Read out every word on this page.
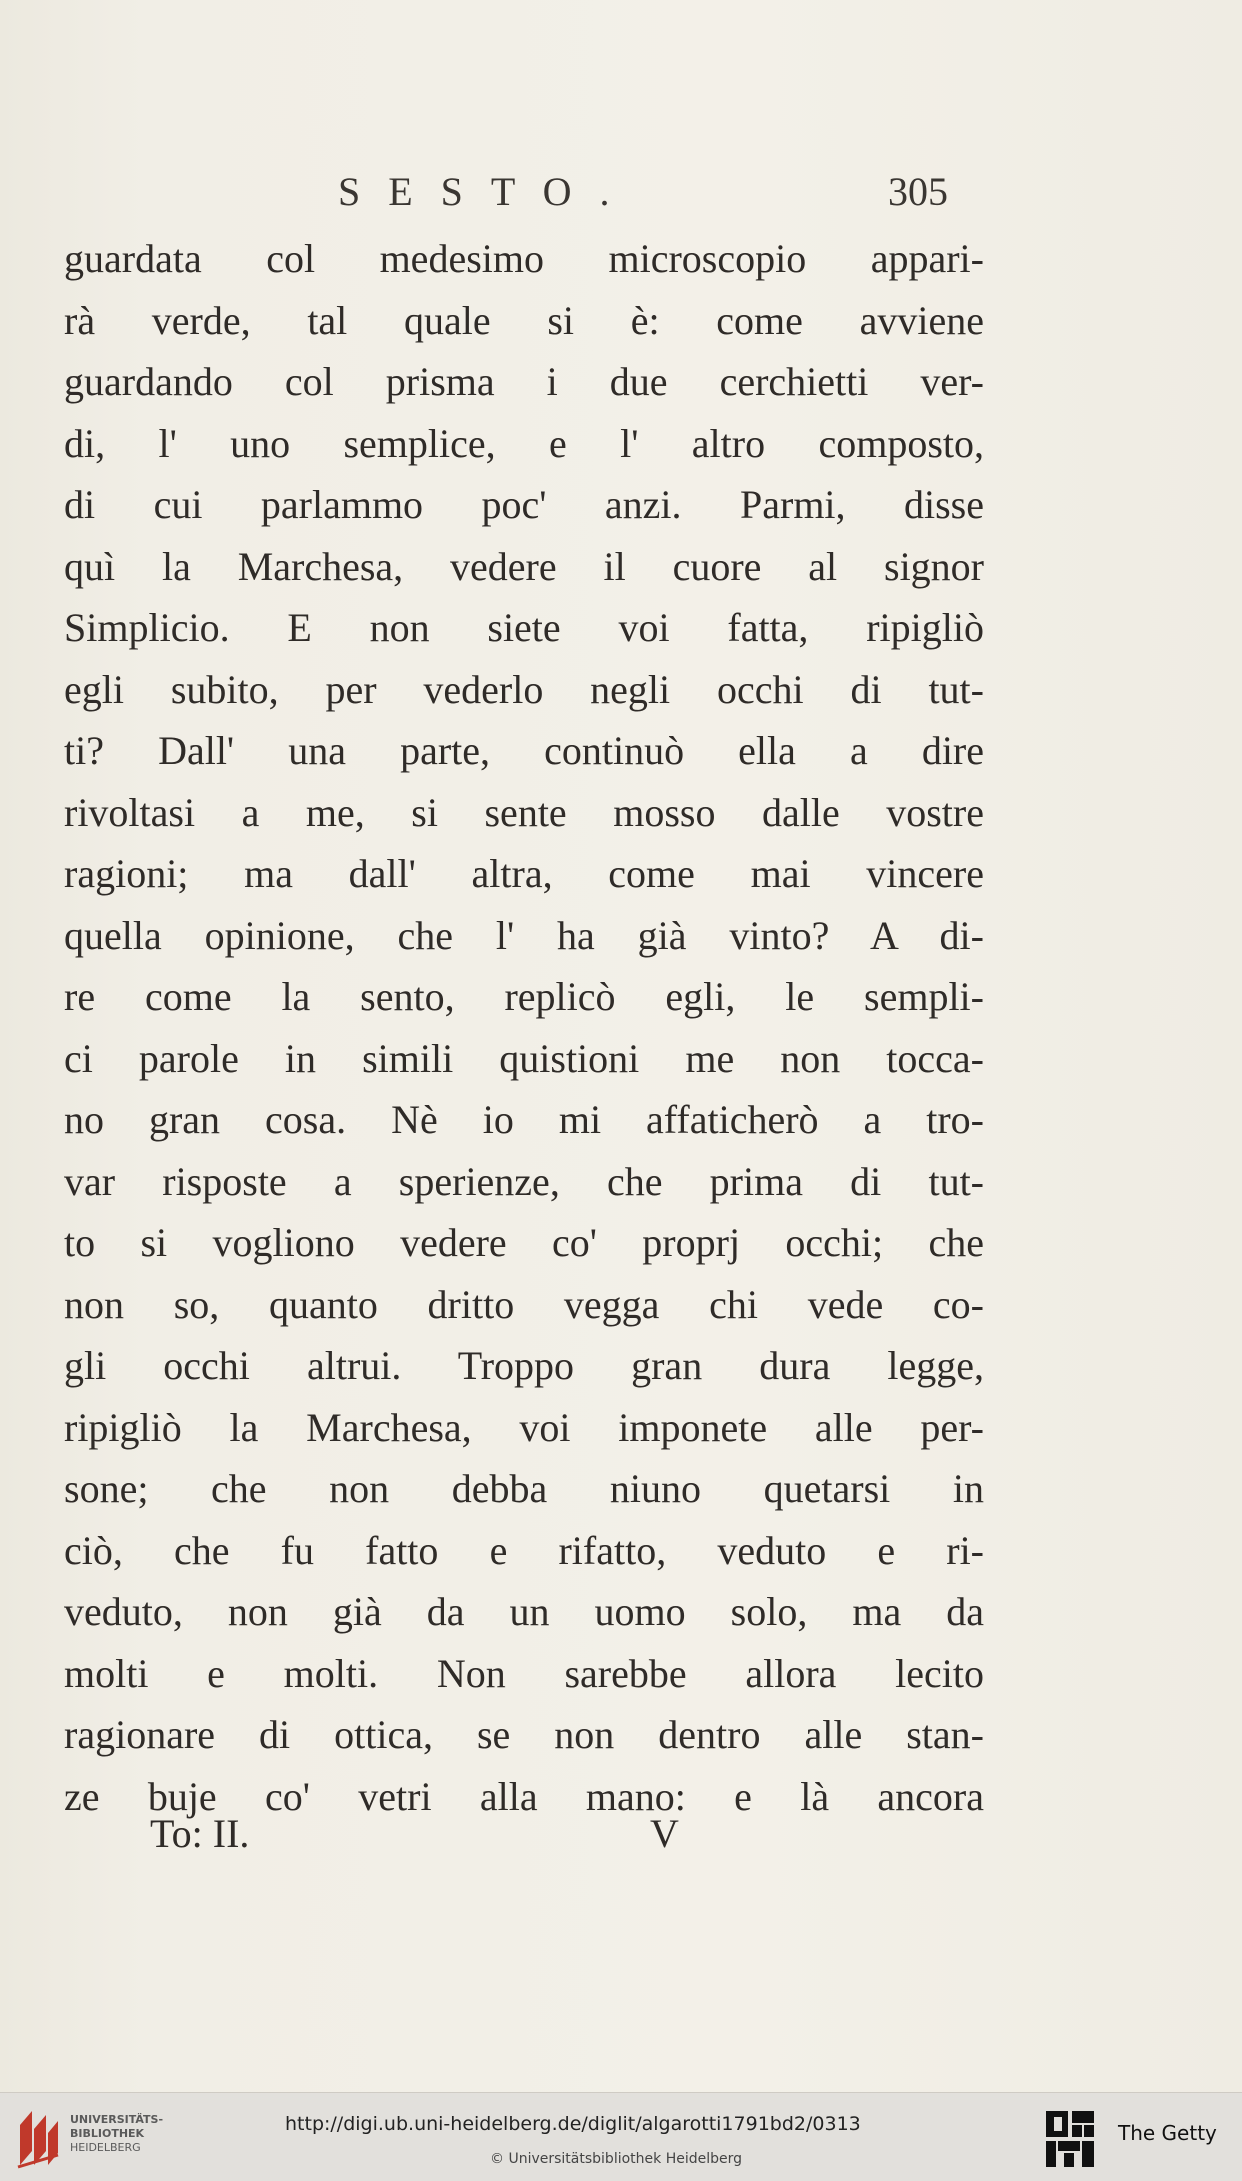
SESTO.	305
guardata col medesimo microscopio appari-
rà verde, tal quale si è: come avviene
guardando col prisma i due cerchietti ver-
di, l' uno semplice, e l' altro composto,
di cui parlammo poc' anzi. Parmi, disse
quì la Marchesa, vedere il cuore al signor
Simplicio. E non siete voi fatta, ripigliò
egli subito, per vederlo negli occhi di tut-
ti? Dall' una parte, continuò ella a dire
rivoltasi a me, si sente mosso dalle vostre
ragioni; ma dall' altra, come mai vincere
quella opinione, che l' ha già vinto? A di-
re come la sento, replicò egli, le sempli-
ci parole in simili quistioni me non tocca-
no gran cosa. Nè io mi affaticherò a tro-
var risposte a sperienze, che prima di tut-
to si vogliono vedere co' proprj occhi; che
non so, quanto dritto vegga chi vede co-
gli occhi altrui. Troppo gran dura legge,
ripigliò la Marchesa, voi imponete alle per-
sone; che non debba niuno quetarsi in
ciò, che fu fatto e rifatto, veduto e ri-
veduto, non già da un uomo solo, ma da
molti e molti. Non sarebbe allora lecito
ragionare di ottica, se non dentro alle stan-
ze buje co' vetri alla mano: e là ancora
To: II.	V
UNIVERSITÄTS-
BIBLIOTHEK
HEIDELBERG
http://digi.ub.uni-heidelberg.de/diglit/algarotti1791bd2/0313
© Universitätsbibliothek Heidelberg
The Getty
